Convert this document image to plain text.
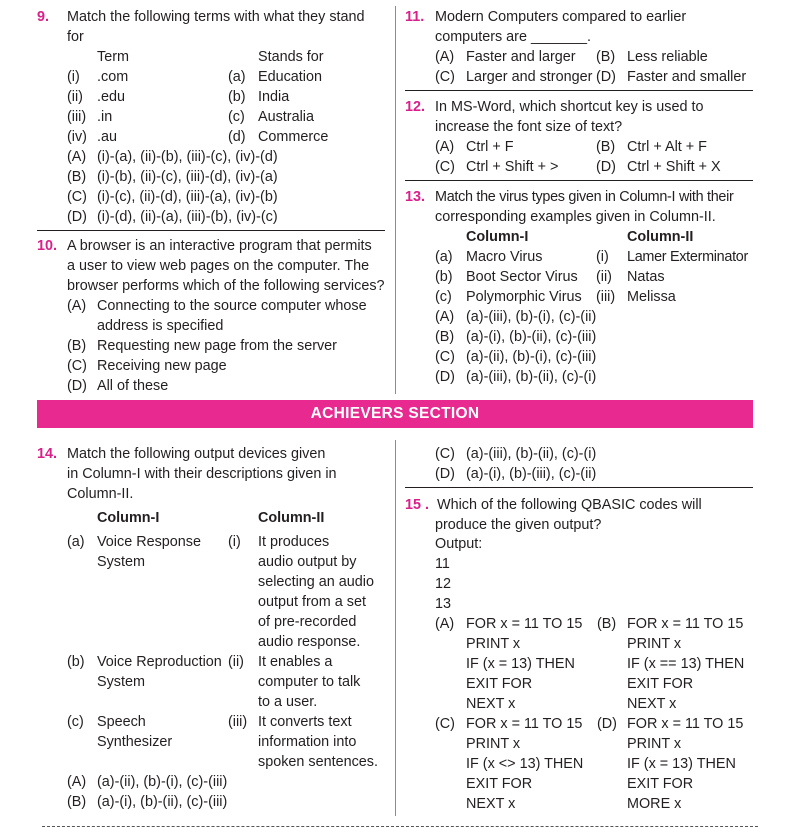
9. Match the following terms with what they stand
for
Term	Stands for
(i) .com	(a) Education
(ii) .edu	(b) India
(iii) .in	(c) Australia
(iv) .au	(d) Commerce
(A) (i)-(a), (ii)-(b), (iii)-(c), (iv)-(d)
(B) (i)-(b), (ii)-(c), (iii)-(d), (iv)-(a)
(C) (i)-(c), (ii)-(d), (iii)-(a), (iv)-(b)
(D) (i)-(d), (ii)-(a), (iii)-(b), (iv)-(c)
10. A browser is an interactive program that permits
a user to view web pages on the computer. The
browser performs which of the following services?
(A) Connecting to the source computer whose
address is specified
(B) Requesting new page from the server
(C) Receiving new page
(D) All of these
11. Modern Computers compared to earlier
computers are _______.
(A) Faster and larger (B) Less reliable
(C) Larger and stronger (D) Faster and smaller
12. In MS-Word, which shortcut key is used to
increase the font size of text?
(A) Ctrl + F	(B) Ctrl + Alt + F
(C) Ctrl + Shift + >	(D) Ctrl + Shift + X
13. Match the virus types given in Column-I with their
corresponding examples given in Column-II.
Column-I	Column-II
(a) Macro Virus	(i) Lamer Exterminator
(b) Boot Sector Virus (ii) Natas
(c) Polymorphic Virus (iii) Melissa
(A) (a)-(iii), (b)-(i), (c)-(ii)
(B) (a)-(i), (b)-(ii), (c)-(iii)
(C) (a)-(ii), (b)-(i), (c)-(iii)
(D) (a)-(iii), (b)-(ii), (c)-(i)
ACHIEVERS SECTION
14. Match the following output devices given
in Column-I with their descriptions given in
Column-II.
Column-I	Column-II
(a) Voice Response
System
(i) It produces
audio output by
selecting an audio
output from a set
of pre-recorded
audio response.
(b) Voice Reproduction
System
(ii) It enables a
computer to talk
to a user.
(c) Speech
Synthesizer
(iii) It converts text
information into
spoken sentences.
(A) (a)-(ii), (b)-(i), (c)-(iii)
(B) (a)-(i), (b)-(ii), (c)-(iii)
(C) (a)-(iii), (b)-(ii), (c)-(i)
(D) (a)-(i), (b)-(iii), (c)-(ii)
15 . Which of the following QBASIC codes will
produce the given output?
Output:
11
12
13
(A) FOR x = 11 TO 15
PRINT x
IF (x = 13) THEN
EXIT FOR
NEXT x
(B) FOR x = 11 TO 15
PRINT x
IF (x == 13) THEN
EXIT FOR
NEXT x
(C) FOR x = 11 TO 15
PRINT x
IF (x <> 13) THEN
EXIT FOR
NEXT x
(D) FOR x = 11 TO 15
PRINT x
IF (x = 13) THEN
EXIT FOR
MORE x
